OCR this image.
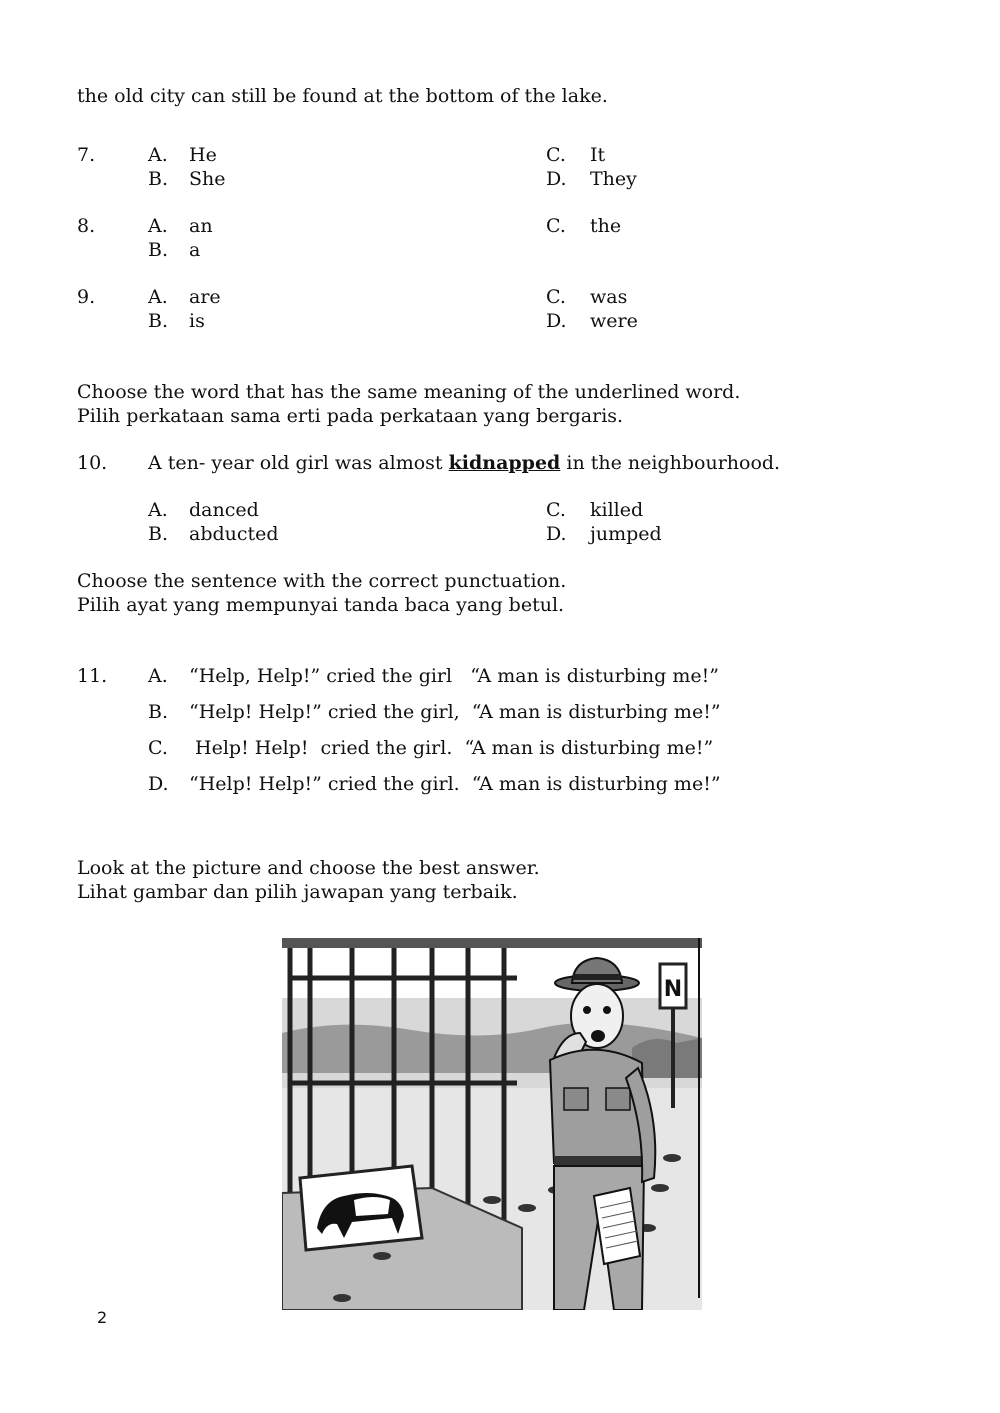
the old city can still be found at the bottom of the lake.
7.	A. He
B. She
C. It
D. They
8.	A. an
B. a
C. the
9.	A. are
B. is
C. was
D. were
Choose the word that has the same meaning of the underlined word.
Pilih perkataan sama erti pada perkataan yang bergaris.
10. A ten- year old girl was almost kidnapped in the neighbourhood.
A. danced
B. abducted
C. killed
D. jumped
Choose the sentence with the correct punctuation.
Pilih ayat yang mempunyai tanda baca yang betul.
11. A. “Help, Help!” cried the girl   “A man is disturbing me!”
B. “Help! Help!” cried the girl,  “A man is disturbing me!”
C. Help! Help!  cried the girl.  “A man is disturbing me!”
D. “Help! Help!” cried the girl.  “A man is disturbing me!”
Look at the picture and choose the best answer.
Lihat gambar dan pilih jawapan yang terbaik.
N
2
